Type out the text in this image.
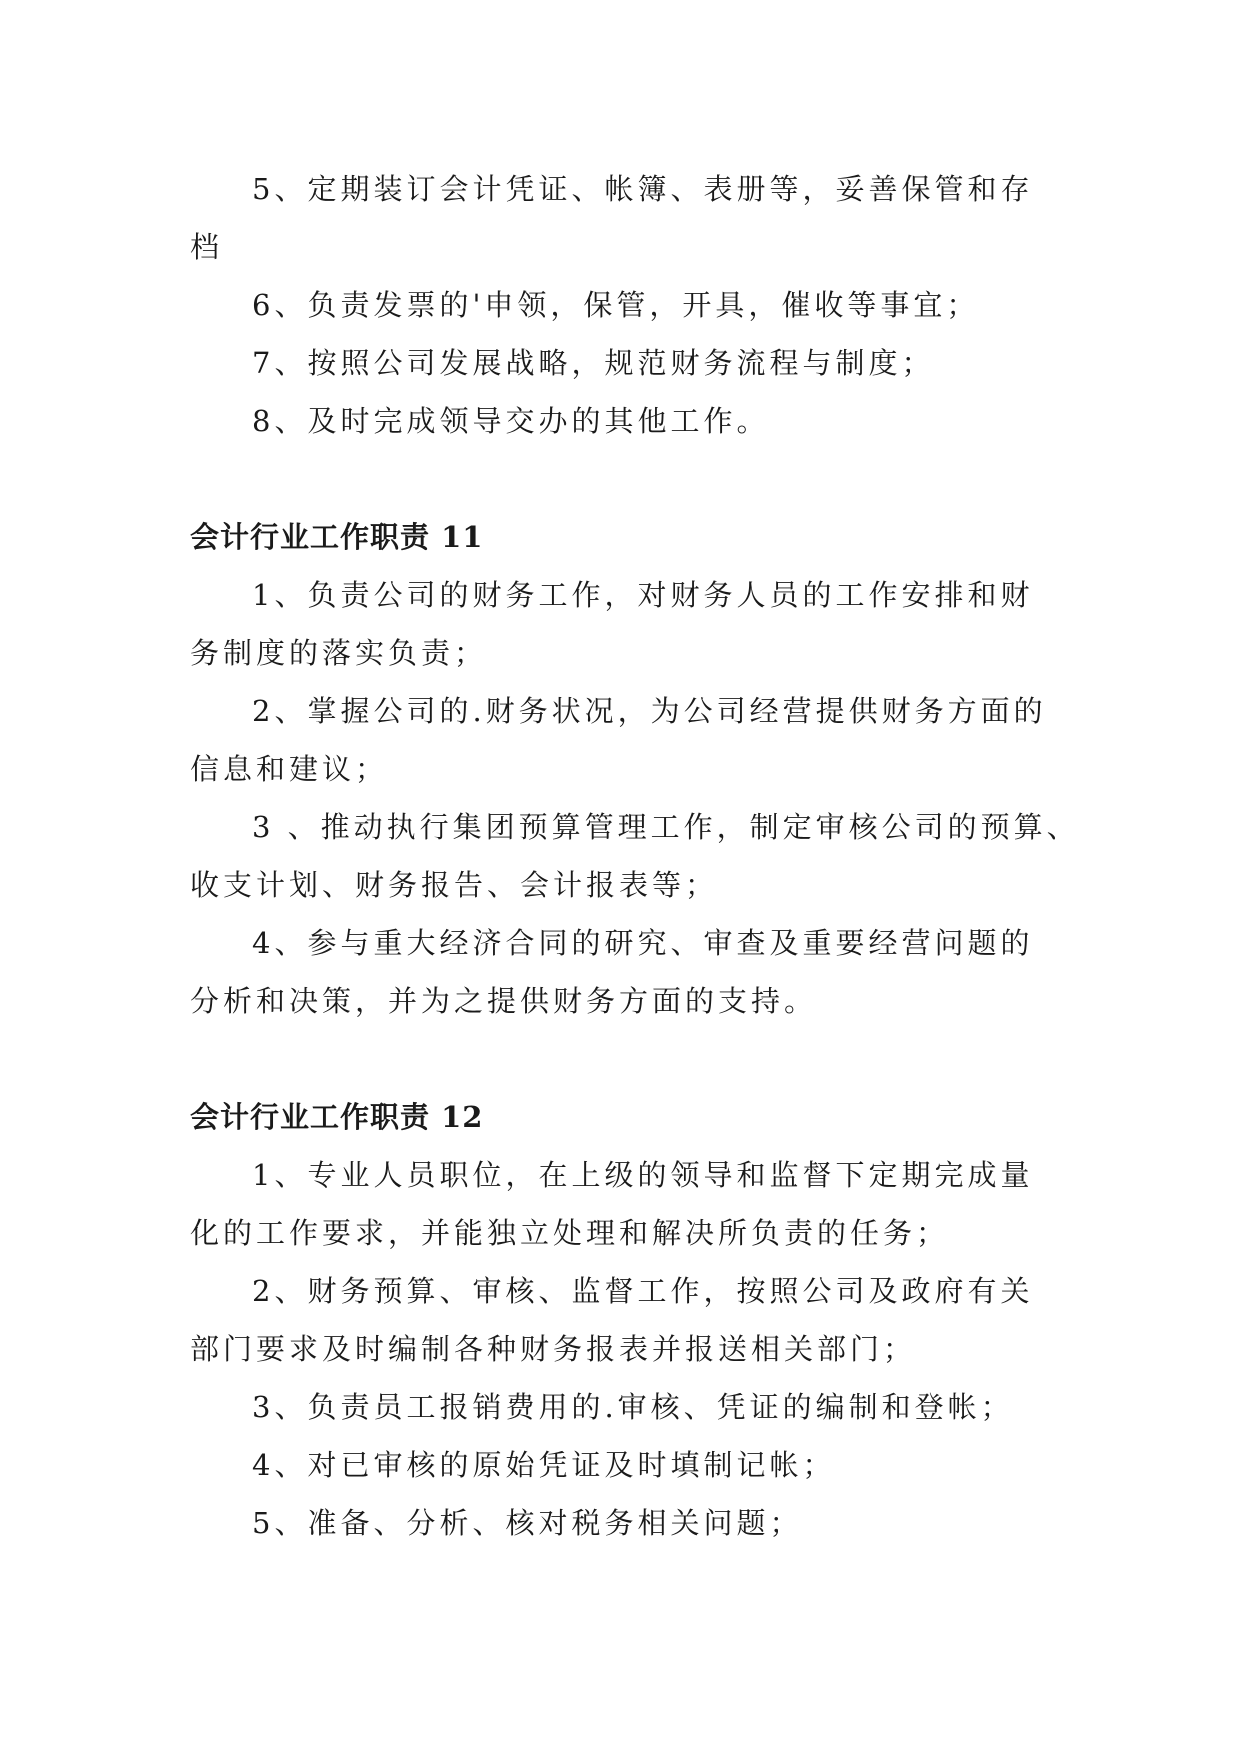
5、定期装订会计凭证、帐簿、表册等，妥善保管和存
档

6、负责发票的'申领，保管，开具，催收等事宜；

7、按照公司发展战略，规范财务流程与制度；

8、及时完成领导交办的其他工作。

会计行业工作职责 11

1、负责公司的财务工作，对财务人员的工作安排和财
务制度的落实负责；

2、掌握公司的.财务状况，为公司经营提供财务方面的
信息和建议；

3 、推动执行集团预算管理工作，制定审核公司的预算、
收支计划、财务报告、会计报表等；

4、参与重大经济合同的研究、审查及重要经营问题的
分析和决策，并为之提供财务方面的支持。

会计行业工作职责 12

1、专业人员职位，在上级的领导和监督下定期完成量
化的工作要求，并能独立处理和解决所负责的任务；

2、财务预算、审核、监督工作，按照公司及政府有关
部门要求及时编制各种财务报表并报送相关部门；

3、负责员工报销费用的.审核、凭证的编制和登帐；

4、对已审核的原始凭证及时填制记帐；

5、准备、分析、核对税务相关问题；
